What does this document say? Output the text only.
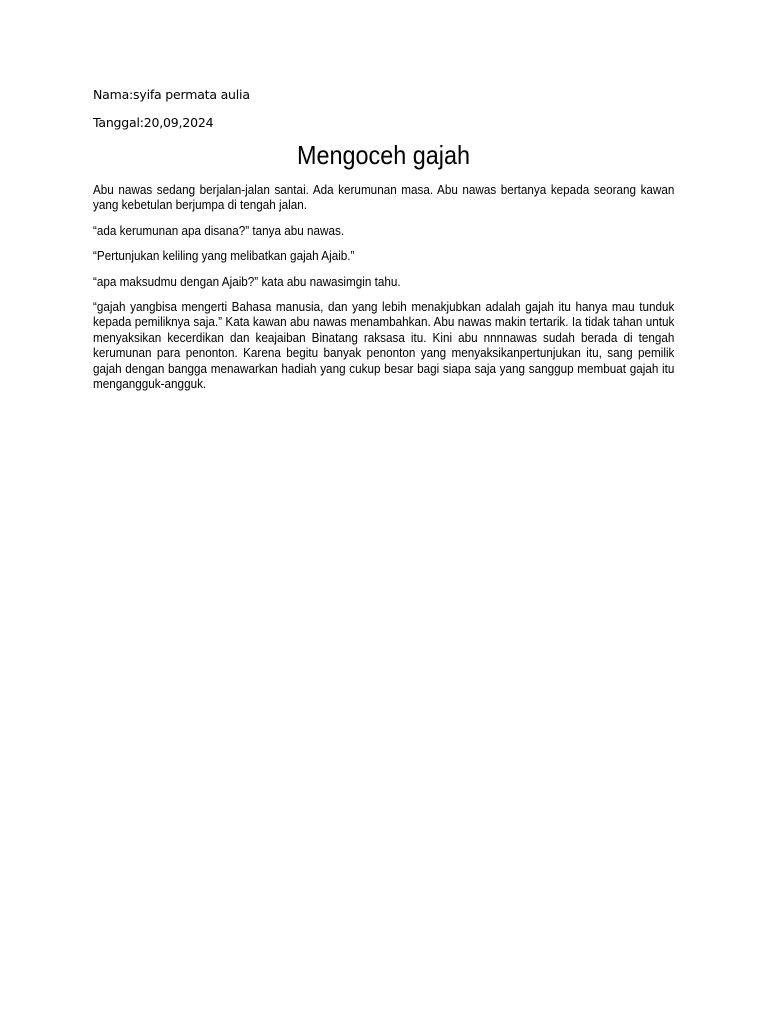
Nama:syifa permata aulia
Tanggal:20,09,2024
Mengoceh gajah

Abu nawas sedang berjalan-jalan santai. Ada kerumunan masa. Abu nawas bertanya kepada seorang kawan yang kebetulan berjumpa di tengah jalan.

“ada kerumunan apa disana?” tanya abu nawas.

“Pertunjukan keliling yang melibatkan gajah Ajaib.”

“apa maksudmu dengan Ajaib?” kata abu nawasimgin tahu.

“gajah yangbisa mengerti Bahasa manusia, dan yang lebih menakjubkan adalah gajah itu hanya mau tunduk kepada pemiliknya saja.” Kata kawan abu nawas menambahkan. Abu nawas makin tertarik. Ia tidak tahan untuk menyaksikan kecerdikan dan keajaiban Binatang raksasa itu. Kini abu nnnnawas sudah berada di tengah kerumunan para penonton. Karena begitu banyak penonton yang menyaksikanpertunjukan itu, sang pemilik gajah dengan bangga menawarkan hadiah yang cukup besar bagi siapa saja yang sanggup membuat gajah itu mengangguk-angguk.
